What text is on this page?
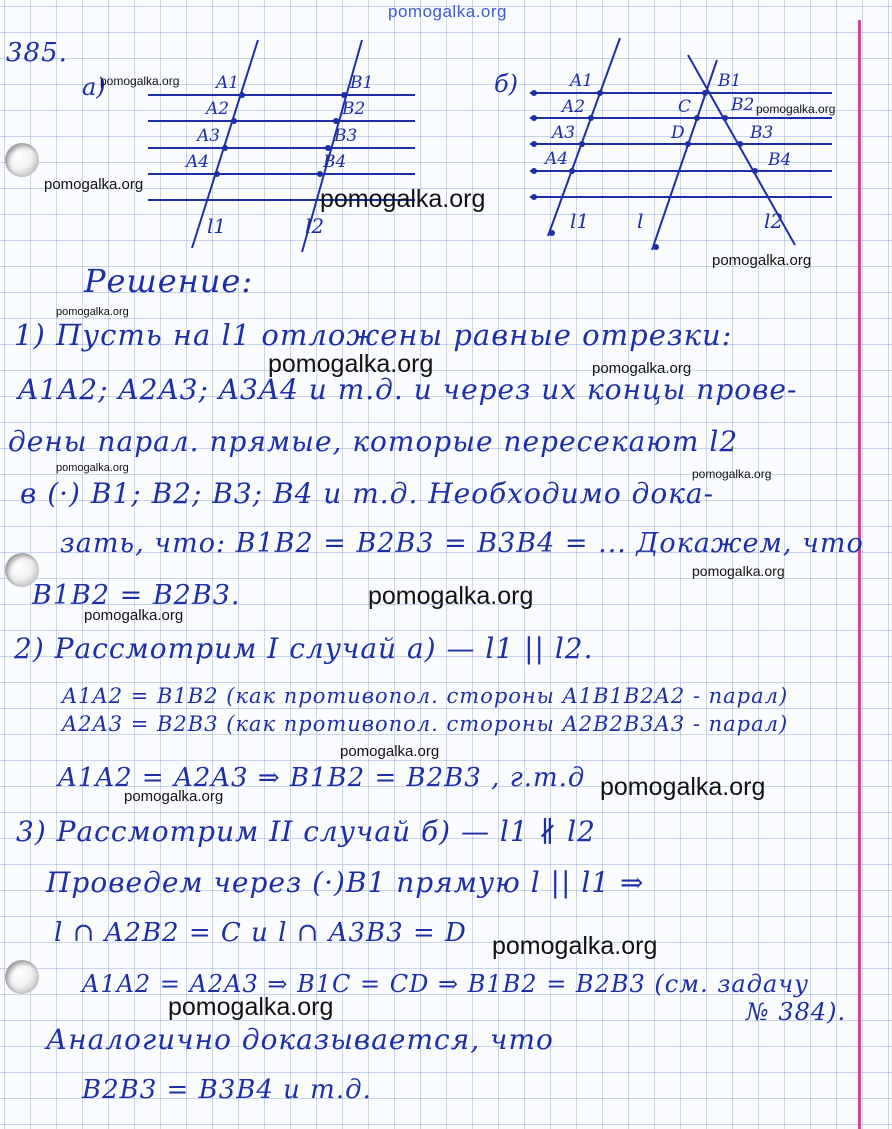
pomogalka.org
385.
а)	A1
A2
A3
A4
B1
B2
B3
B4
l1	l2
б)	A1
A2
A3
A4
B1
B2
B3
B4
C
D
l1 l	l2
Решение:
1) Пусть на l1 отложены равные отрезки:
A1A2; A2A3; A3A4 и т.д. и через их концы прове-
дены парал. прямые, которые пересекают l2
в (·) B1; B2; B3; B4 и т.д. Необходимо дока-
зать, что: B1B2 = B2B3 = B3B4 = ... Докажем, что
B1B2 = B2B3.
2) Рассмотрим I случай а) — l1 || l2.
A1A2 = B1B2 (как противопол. стороны A1B1B2A2 - парал)
A2A3 = B2B3 (как противопол. стороны A2B2B3A3 - парал)
A1A2 = A2A3 ⇒ B1B2 = B2B3 , г.т.д
3) Рассмотрим II случай б) — l1 ∦ l2
Проведем через (·)B1 прямую l || l1 ⇒
l ∩ A2B2 = C и l ∩ A3B3 = D
A1A2 = A2A3 ⇒ B1C = CD ⇒ B1B2 = B2B3 (см. задачу
№ 384).
Аналогично доказывается, что
B2B3 = B3B4 и т.д.
pomogalka.org
pomogalka.org
pomogalka.org
pomogalka.org
pomogalka.org
pomogalka.org
pomogalka.org	pomogalka.org
pomogalka.org	pomogalka.org
pomogalka.org
pomogalka.org
pomogalka.org
pomogalka.org
pomogalka.org
pomogalka.org
pomogalka.org
pomogalka.org
